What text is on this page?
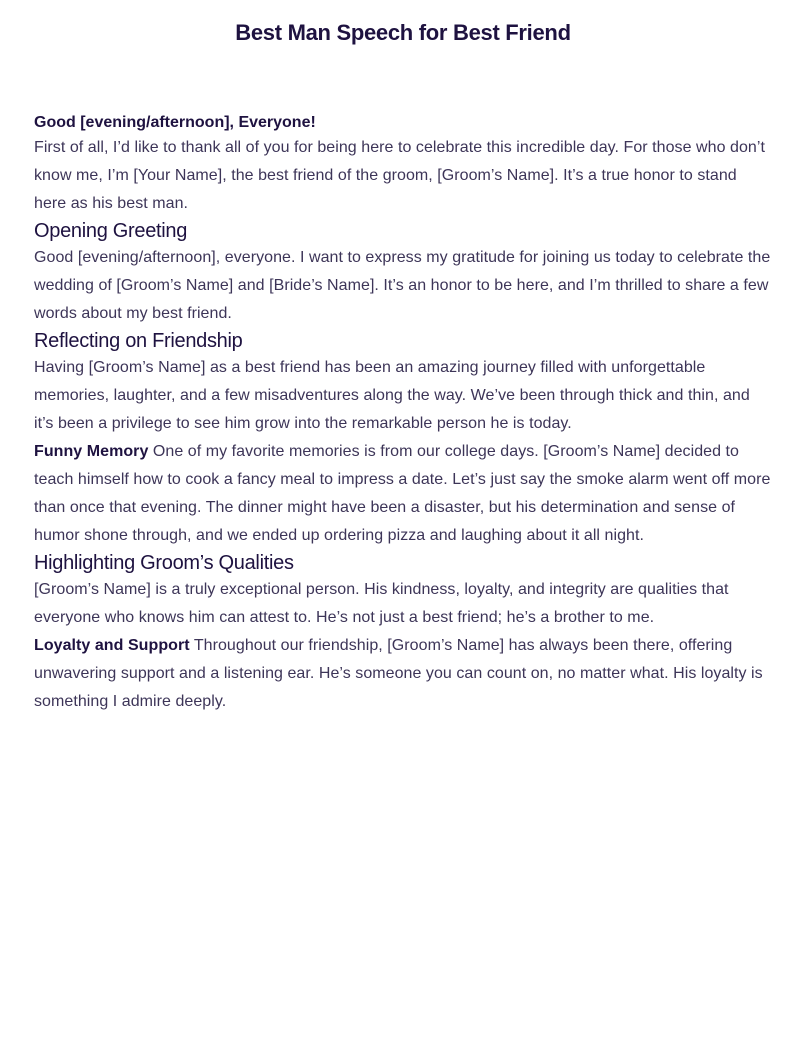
Best Man Speech for Best Friend

Good [evening/afternoon], Everyone!

First of all, I’d like to thank all of you for being here to celebrate this incredible day. For those who don’t know me, I’m [Your Name], the best friend of the groom, [Groom’s Name]. It’s a true honor to stand here as his best man.

Opening Greeting

Good [evening/afternoon], everyone. I want to express my gratitude for joining us today to celebrate the wedding of [Groom’s Name] and [Bride’s Name]. It’s an honor to be here, and I’m thrilled to share a few words about my best friend.

Reflecting on Friendship

Having [Groom’s Name] as a best friend has been an amazing journey filled with unforgettable memories, laughter, and a few misadventures along the way. We’ve been through thick and thin, and it’s been a privilege to see him grow into the remarkable person he is today.

Funny Memory One of my favorite memories is from our college days. [Groom’s Name] decided to teach himself how to cook a fancy meal to impress a date. Let’s just say the smoke alarm went off more than once that evening. The dinner might have been a disaster, but his determination and sense of humor shone through, and we ended up ordering pizza and laughing about it all night.

Highlighting Groom’s Qualities

[Groom’s Name] is a truly exceptional person. His kindness, loyalty, and integrity are qualities that everyone who knows him can attest to. He’s not just a best friend; he’s a brother to me.

Loyalty and Support Throughout our friendship, [Groom’s Name] has always been there, offering unwavering support and a listening ear. He’s someone you can count on, no matter what. His loyalty is something I admire deeply.
